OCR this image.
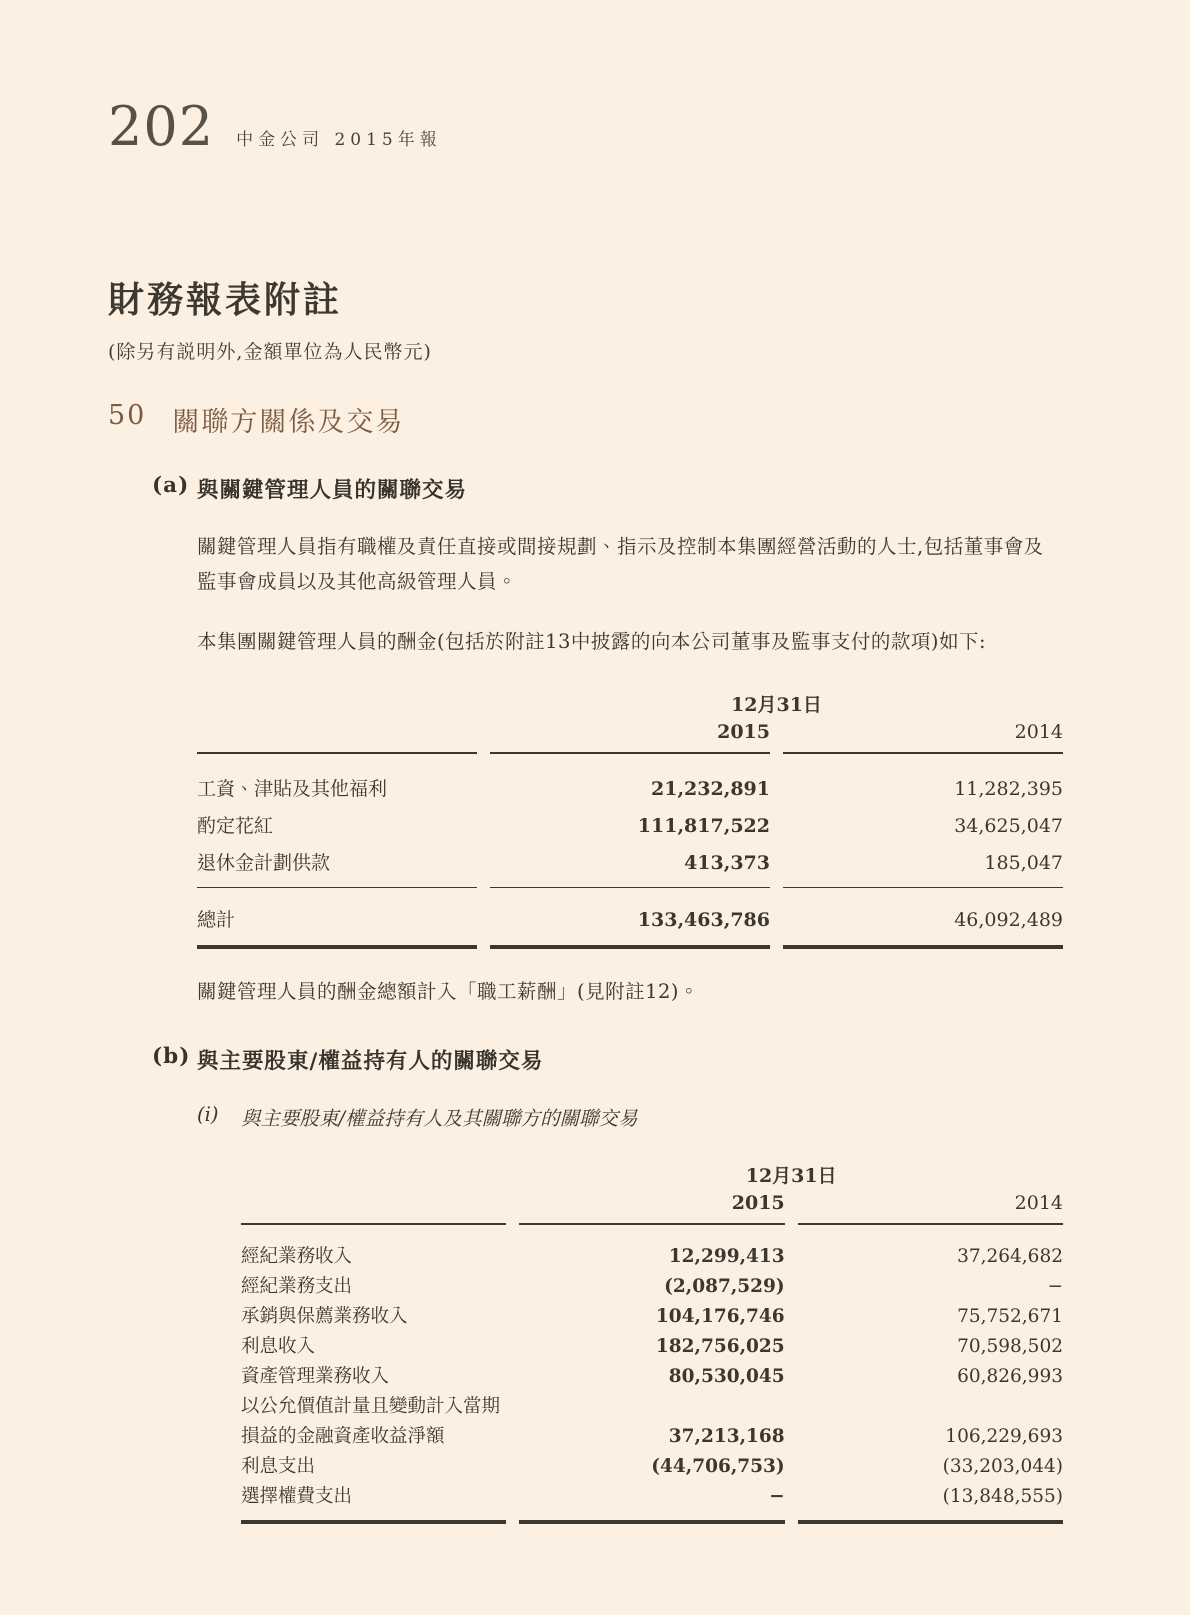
202 中金公司 2015年報
財務報表附註

(除另有説明外,金額單位為人民幣元)

50 關聯方關係及交易
(a) 與關鍵管理人員的關聯交易

關鍵管理人員指有職權及責任直接或間接規劃、指示及控制本集團經營活動的人士,包括董事會及監事會成員以及其他高級管理人員。

本集團關鍵管理人員的酬金(包括於附註13中披露的向本公司董事及監事支付的款項)如下:

	12月31日	
	2015	2014
工資、津貼及其他福利	21,232,891	11,282,395
酌定花紅	111,817,522	34,625,047
退休金計劃供款	413,373	185,047
總計	133,463,786	46,092,489

關鍵管理人員的酬金總額計入「職工薪酬」(見附註12)。

(b) 與主要股東/權益持有人的關聯交易
(i)	與主要股東/權益持有人及其關聯方的關聯交易
	12月31日	
	2015	2014
經紀業務收入	12,299,413	37,264,682
經紀業務支出	(2,087,529)	−
承銷與保薦業務收入	104,176,746	75,752,671
利息收入	182,756,025	70,598,502
資產管理業務收入	80,530,045	60,826,993
以公允價值計量且變動計入當期損益的金融資產收益淨額	37,213,168	106,229,693
利息支出	(44,706,753)	(33,203,044)
選擇權費支出	−	(13,848,555)
